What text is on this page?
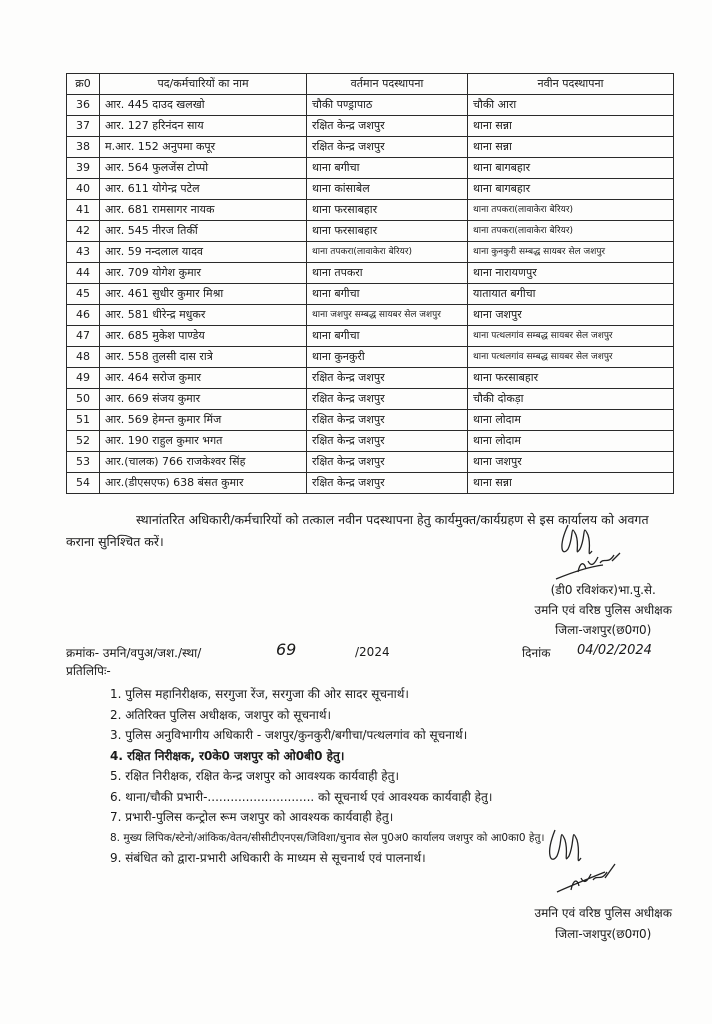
क्र0	पद/कर्मचारियों का नाम	वर्तमान पदस्थापना	नवीन पदस्थापना
36	आर. 445 दाउद खलखो	चौकी पण्ड्रापाठ	चौकी आरा
37	आर. 127 हरिनंदन साय	रक्षित केन्द्र जशपुर	थाना सन्ना
38	म.आर. 152 अनुपमा कपूर	रक्षित केन्द्र जशपुर	थाना सन्ना
39	आर. 564 फुलजेंस टोप्पो	थाना बगीचा	थाना बागबहार
40	आर. 611 योगेन्द्र पटेल	थाना कांसाबेल	थाना बागबहार
41	आर. 681 रामसागर नायक	थाना फरसाबहार	थाना तपकरा(लावाकेरा बेरियर)
42	आर. 545 नीरज तिर्की	थाना फरसाबहार	थाना तपकरा(लावाकेरा बेरियर)
43	आर. 59 नन्दलाल यादव	थाना तपकरा(लावाकेरा बेरियर)	थाना कुनकुरी सम्बद्ध सायबर सेल जशपुर
44	आर. 709 योगेश कुमार	थाना तपकरा	थाना नारायणपुर
45	आर. 461 सुधीर कुमार मिश्रा	थाना बगीचा	यातायात बगीचा
46	आर. 581 धीरेन्द्र मधुकर	थाना जशपुर सम्बद्ध सायबर सेल जशपुर	थाना जशपुर
47	आर. 685 मुकेश पाण्डेय	थाना बगीचा	थाना पत्थलगांव सम्बद्ध सायबर सेल जशपुर
48	आर. 558 तुलसी दास रात्रे	थाना कुनकुरी	थाना पत्थलगांव सम्बद्ध सायबर सेल जशपुर
49	आर. 464 सरोज कुमार	रक्षित केन्द्र जशपुर	थाना फरसाबहार
50	आर. 669 संजय कुमार	रक्षित केन्द्र जशपुर	चौकी दोकड़ा
51	आर. 569 हेमन्त कुमार मिंज	रक्षित केन्द्र जशपुर	थाना लोदाम
52	आर. 190 राहुल कुमार भगत	रक्षित केन्द्र जशपुर	थाना लोदाम
53	आर.(चालक) 766 राजकेश्वर सिंह	रक्षित केन्द्र जशपुर	थाना जशपुर
54	आर.(डीएसएफ) 638 बंसत कुमार	रक्षित केन्द्र जशपुर	थाना सन्ना
स्थानांतरित अधिकारी/कर्मचारियों को तत्काल नवीन पदस्थापना हेतु कार्यमुक्त/कार्यग्रहण से इस कार्यालय को अवगत कराना सुनिश्चित करें।
(डी0 रविशंकर)भा.पु.से.
उमनि एवं वरिष्ठ पुलिस अधीक्षक
जिला-जशपुर(छ0ग0)
क्रमांक- उमनि/वपुअ/जश./स्था/	69	/2024	दिनांक 04/02/2024
प्रतिलिपिः-
1. पुलिस महानिरीक्षक, सरगुजा रेंज, सरगुजा की ओर सादर सूचनार्थ।
2. अतिरिक्त पुलिस अधीक्षक, जशपुर को सूचनार्थ।
3. पुलिस अनुविभागीय अधिकारी - जशपुर/कुनकुरी/बगीचा/पत्थलगांव को सूचनार्थ।
4. रक्षित निरीक्षक, र0के0 जशपुर को ओ0बी0 हेतु।
5. रक्षित निरीक्षक, रक्षित केन्द्र जशपुर को आवश्यक कार्यवाही हेतु।
6. थाना/चौकी प्रभारी-............................ को सूचनार्थ एवं आवश्यक कार्यवाही हेतु।
7. प्रभारी-पुलिस कन्ट्रोल रूम जशपुर को आवश्यक कार्यवाही हेतु।
8. मुख्य लिपिक/स्टेनो/आंकिक/वेतन/सीसीटीएनएस/जिविशा/चुनाव सेल पु0अ0 कार्यालय जशपुर को आ0का0 हेतु।
9. संबंधित को द्वारा-प्रभारी अधिकारी के माध्यम से सूचनार्थ एवं पालनार्थ।
उमनि एवं वरिष्ठ पुलिस अधीक्षक
जिला-जशपुर(छ0ग0)
